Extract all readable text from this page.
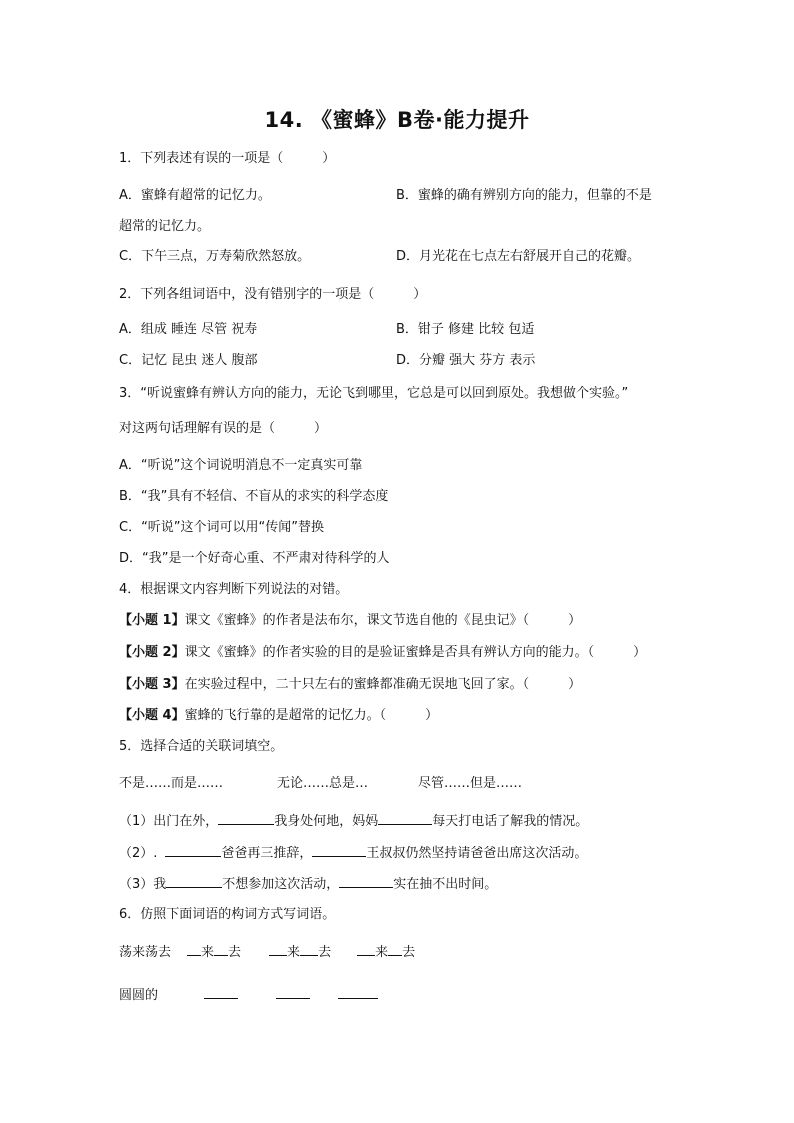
14. 《蜜蜂》B卷·能力提升
1．下列表述有误的一项是（　　　）
A．蜜蜂有超常的记忆力。	B．蜜蜂的确有辨别方向的能力，但靠的不是
超常的记忆力。
C．下午三点，万寿菊欣然怒放。	D．月光花在七点左右舒展开自己的花瓣。
2．下列各组词语中，没有错别字的一项是（　　　）
A．组成 睡连 尽管 祝寿	B．钳子 修建 比较 包适
C．记忆 昆虫 迷人 腹部	D．分瓣 强大 芬方 表示
3．“听说蜜蜂有辨认方向的能力，无论飞到哪里，它总是可以回到原处。我想做个实验。”
对这两句话理解有误的是（　　　）
A．“听说”这个词说明消息不一定真实可靠
B．“我”具有不轻信、不盲从的求实的科学态度
C．“听说”这个词可以用“传闻”替换
D．“我”是一个好奇心重、不严肃对待科学的人
4．根据课文内容判断下列说法的对错。
【小题 1】课文《蜜蜂》的作者是法布尔，课文节选自他的《昆虫记》（　　　）
【小题 2】课文《蜜蜂》的作者实验的目的是验证蜜蜂是否具有辨认方向的能力。（　　　）
【小题 3】在实验过程中，二十只左右的蜜蜂都准确无误地飞回了家。（　　　）
【小题 4】蜜蜂的飞行靠的是超常的记忆力。（　　　）
5．选择合适的关联词填空。
不是……而是……	无论……总是…	尽管……但是……
（1）出门在外，	我身处何地，妈妈	每天打电话了解我的情况。
（2）.	爸爸再三推辞，	王叔叔仍然坚持请爸爸出席这次活动。
（3）我	不想参加这次活动，	实在抽不出时间。
6．仿照下面词语的构词方式写词语。
荡来荡去 来 去	来 去	来 去
圆圆的
